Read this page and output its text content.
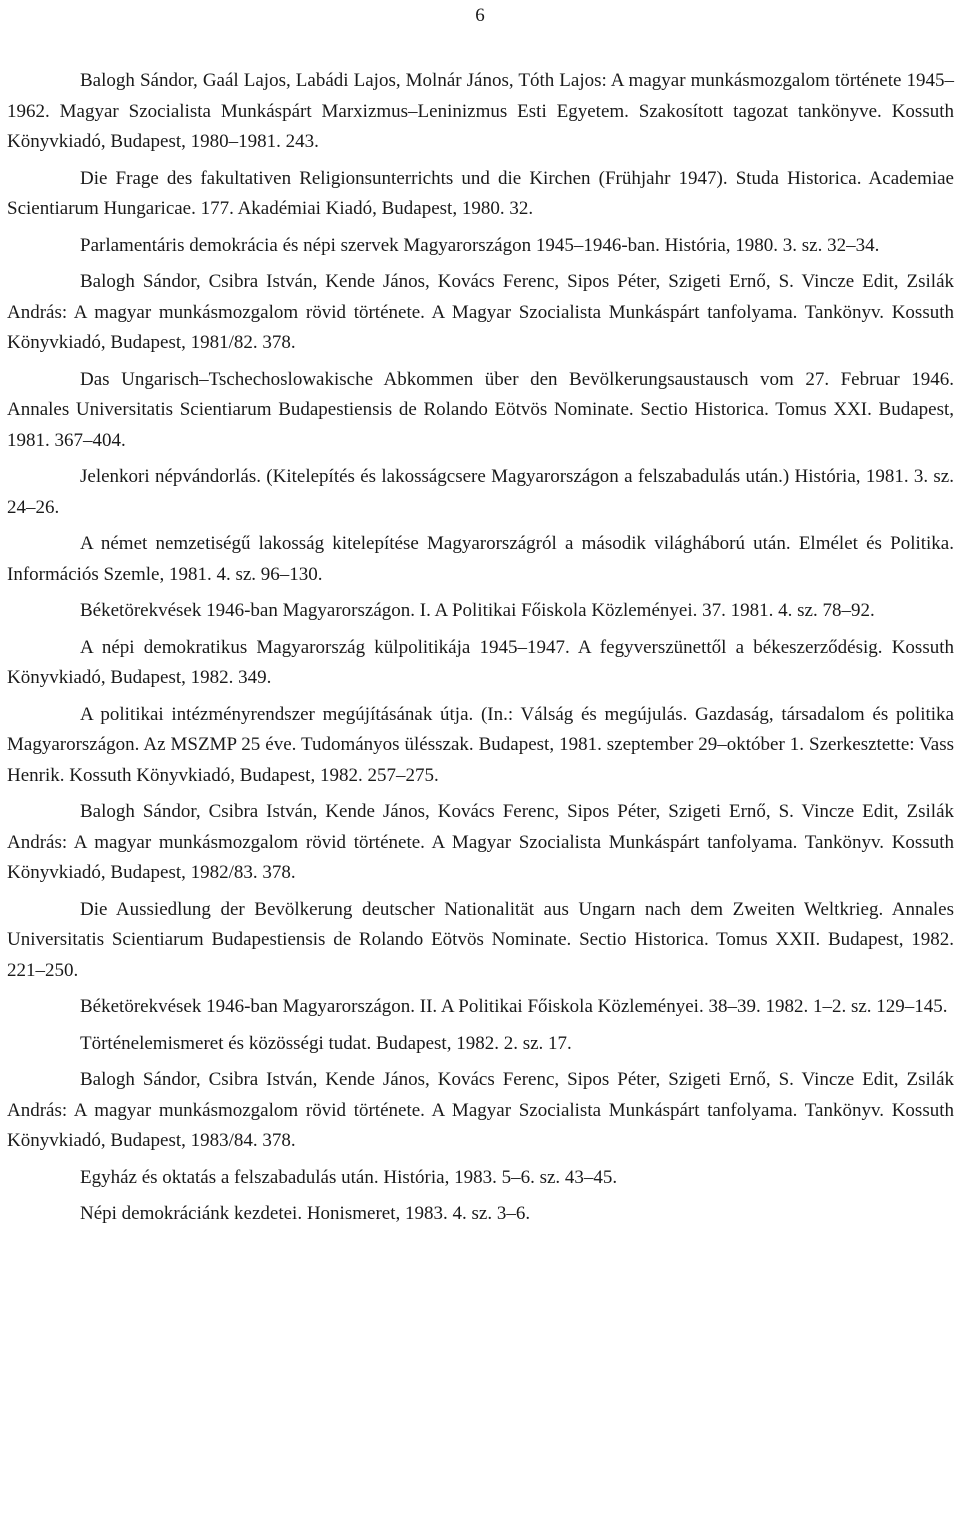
6
Balogh Sándor, Gaál Lajos, Labádi Lajos, Molnár János, Tóth Lajos: A magyar munkásmozgalom története 1945–1962. Magyar Szocialista Munkáspárt Marxizmus–Leninizmus Esti Egyetem. Szakosított tagozat tankönyve. Kossuth Könyvkiadó, Budapest, 1980–1981. 243.
Die Frage des fakultativen Religionsunterrichts und die Kirchen (Frühjahr 1947). Studa Historica. Academiae Scientiarum Hungaricae. 177. Akadémiai Kiadó, Budapest, 1980. 32.
Parlamentáris demokrácia és népi szervek Magyarországon 1945–1946-ban. História, 1980. 3. sz. 32–34.
Balogh Sándor, Csibra István, Kende János, Kovács Ferenc, Sipos Péter, Szigeti Ernő, S. Vincze Edit, Zsilák András: A magyar munkásmozgalom rövid története. A Magyar Szocialista Munkáspárt tanfolyama. Tankönyv. Kossuth Könyvkiadó, Budapest, 1981/82. 378.
Das Ungarisch–Tschechoslowakische Abkommen über den Bevölkerungsaustausch vom 27. Februar 1946. Annales Universitatis Scientiarum Budapestiensis de Rolando Eötvös Nominate. Sectio Historica. Tomus XXI. Budapest, 1981. 367–404.
Jelenkori népvándorlás. (Kitelepítés és lakosságcsere Magyarországon a felszabadulás után.) História, 1981. 3. sz. 24–26.
A német nemzetiségű lakosság kitelepítése Magyarországról a második világháború után. Elmélet és Politika. Információs Szemle, 1981. 4. sz. 96–130.
Béketörekvések 1946-ban Magyarországon. I. A Politikai Főiskola Közleményei. 37. 1981. 4. sz. 78–92.
A népi demokratikus Magyarország külpolitikája 1945–1947. A fegyverszünettől a békeszerződésig. Kossuth Könyvkiadó, Budapest, 1982. 349.
A politikai intézményrendszer megújításának útja. (In.: Válság és megújulás. Gazdaság, társadalom és politika Magyarországon. Az MSZMP 25 éve. Tudományos ülésszak. Budapest, 1981. szeptember 29–október 1. Szerkesztette: Vass Henrik. Kossuth Könyvkiadó, Budapest, 1982. 257–275.
Balogh Sándor, Csibra István, Kende János, Kovács Ferenc, Sipos Péter, Szigeti Ernő, S. Vincze Edit, Zsilák András: A magyar munkásmozgalom rövid története. A Magyar Szocialista Munkáspárt tanfolyama. Tankönyv. Kossuth Könyvkiadó, Budapest, 1982/83. 378.
Die Aussiedlung der Bevölkerung deutscher Nationalität aus Ungarn nach dem Zweiten Weltkrieg. Annales Universitatis Scientiarum Budapestiensis de Rolando Eötvös Nominate. Sectio Historica. Tomus XXII. Budapest, 1982. 221–250.
Béketörekvések 1946-ban Magyarországon. II. A Politikai Főiskola Közleményei. 38–39. 1982. 1–2. sz. 129–145.
Történelemismeret és közösségi tudat. Budapest, 1982. 2. sz. 17.
Balogh Sándor, Csibra István, Kende János, Kovács Ferenc, Sipos Péter, Szigeti Ernő, S. Vincze Edit, Zsilák András: A magyar munkásmozgalom rövid története. A Magyar Szocialista Munkáspárt tanfolyama. Tankönyv. Kossuth Könyvkiadó, Budapest, 1983/84. 378.
Egyház és oktatás a felszabadulás után. História, 1983. 5–6. sz. 43–45.
Népi demokráciánk kezdetei. Honismeret, 1983. 4. sz. 3–6.
